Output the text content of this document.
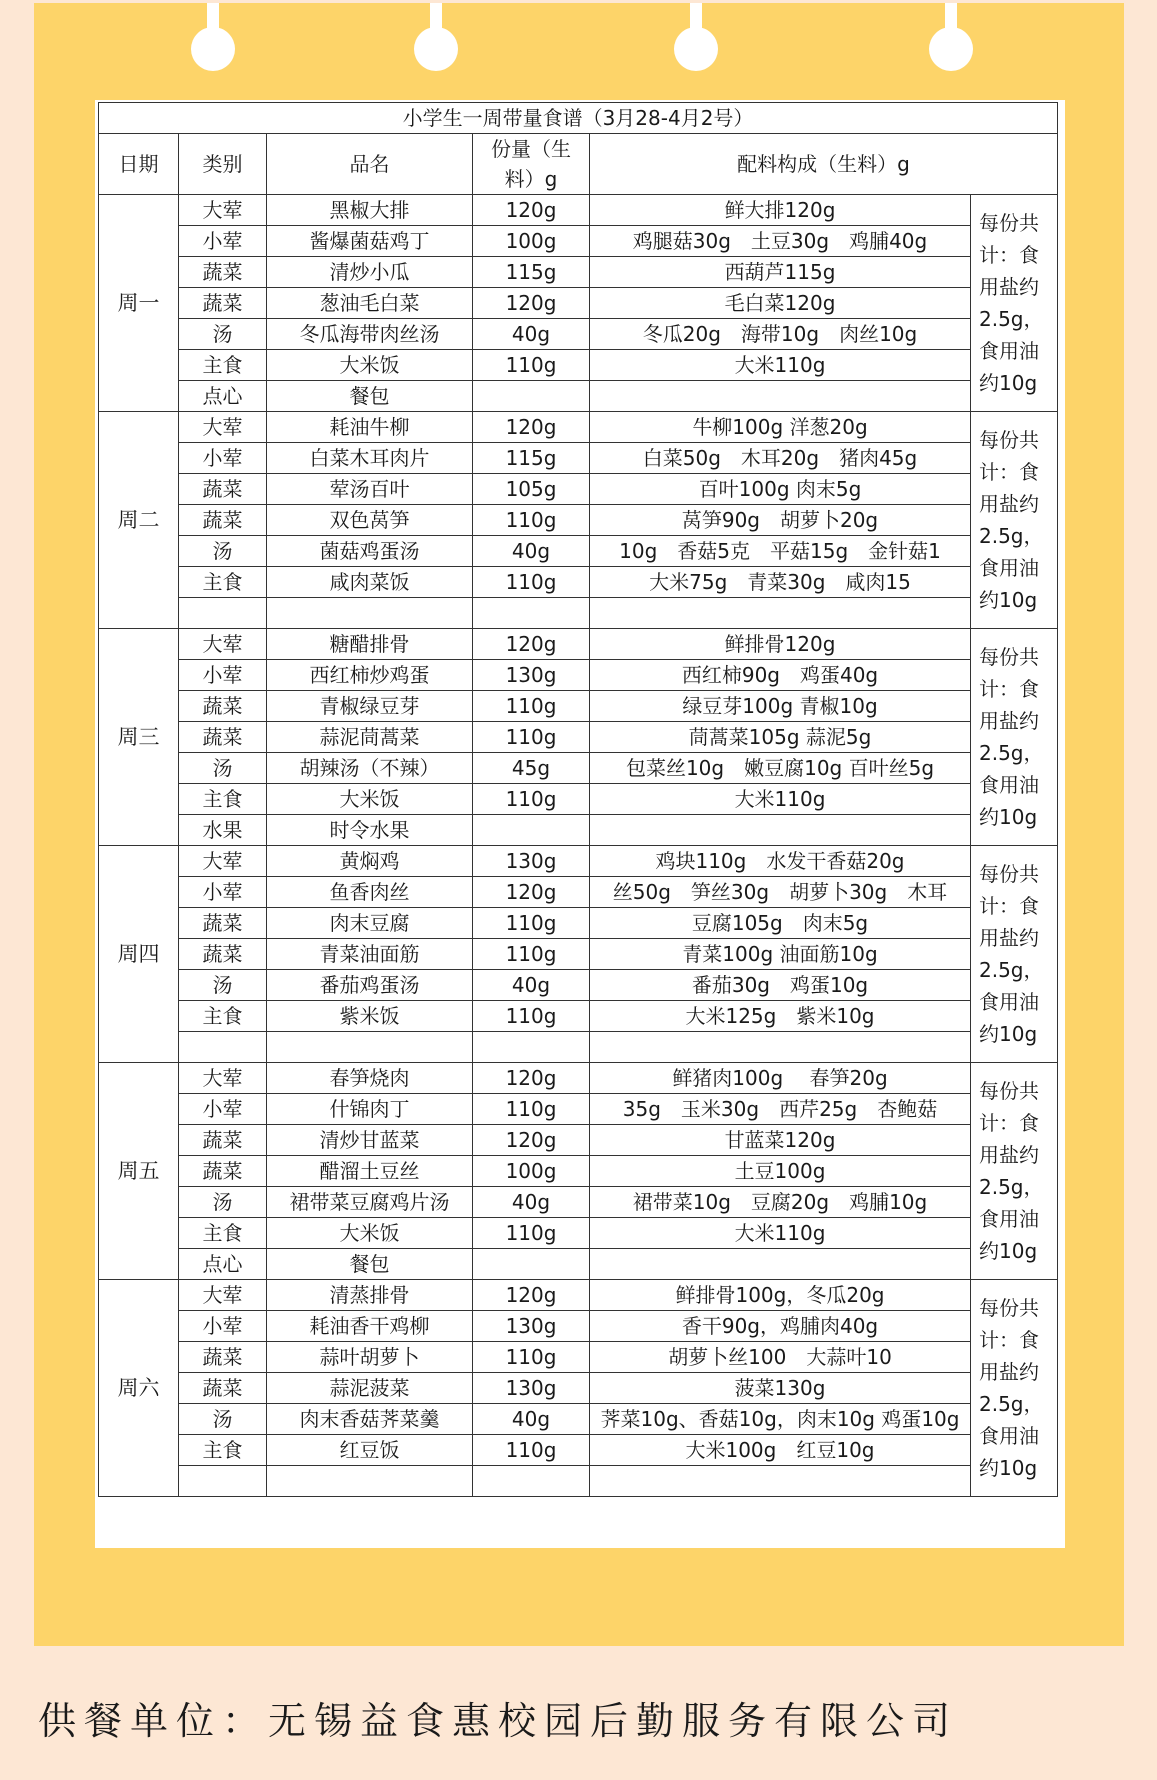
小学生一周带量食谱（3月28-4月2号）					
日期	类别	品名	份量（生料）g	配料构成（生料）g	
周一	大荤	黑椒大排	120g	鲜大排120g	每份共计：食用盐约2.5g，食用油约10g
	小荤	酱爆菌菇鸡丁	100g	鸡腿菇30g　土豆30g　鸡脯40g	
	蔬菜	清炒小瓜	115g	西葫芦115g	
	蔬菜	葱油毛白菜	120g	毛白菜120g	
	汤	冬瓜海带肉丝汤	40g	冬瓜20g　海带10g　肉丝10g	
	主食	大米饭	110g	大米110g	
	点心	餐包			
周二	大荤	耗油牛柳	120g	牛柳100g 洋葱20g	每份共计：食用盐约2.5g，食用油约10g
	小荤	白菜木耳肉片	115g	白菜50g　木耳20g　猪肉45g	
	蔬菜	荤汤百叶	105g	百叶100g 肉末5g	
	蔬菜	双色莴笋	110g	莴笋90g　胡萝卜20g	
	汤	菌菇鸡蛋汤	40g	10g　香菇5克　平菇15g　金针菇1	
	主食	咸肉菜饭	110g	大米75g　青菜30g　咸肉15	

周三	大荤	糖醋排骨	120g	鲜排骨120g	每份共计：食用盐约2.5g，食用油约10g
	小荤	西红柿炒鸡蛋	130g	西红柿90g　鸡蛋40g	
	蔬菜	青椒绿豆芽	110g	绿豆芽100g 青椒10g	
	蔬菜	蒜泥茼蒿菜	110g	茼蒿菜105g 蒜泥5g	
	汤	胡辣汤（不辣）	45g	包菜丝10g　嫩豆腐10g 百叶丝5g	
	主食	大米饭	110g	大米110g	
	水果	时令水果			
周四	大荤	黄焖鸡	130g	鸡块110g　水发干香菇20g	每份共计：食用盐约2.5g，食用油约10g
	小荤	鱼香肉丝	120g	丝50g　笋丝30g　胡萝卜30g　木耳	
	蔬菜	肉末豆腐	110g	豆腐105g　肉末5g	
	蔬菜	青菜油面筋	110g	青菜100g 油面筋10g	
	汤	番茄鸡蛋汤	40g	番茄30g　鸡蛋10g	
	主食	紫米饭	110g	大米125g　紫米10g	

周五	大荤	春笋烧肉	120g	鲜猪肉100g　 春笋20g	每份共计：食用盐约2.5g，食用油约10g
	小荤	什锦肉丁	110g	35g　玉米30g　西芹25g　杏鲍菇	
	蔬菜	清炒甘蓝菜	120g	甘蓝菜120g	
	蔬菜	醋溜土豆丝	100g	土豆100g	
	汤	裙带菜豆腐鸡片汤	40g	裙带菜10g　豆腐20g　鸡脯10g	
	主食	大米饭	110g	大米110g	
	点心	餐包			
周六	大荤	清蒸排骨	120g	鲜排骨100g，冬瓜20g	每份共计：食用盐约2.5g，食用油约10g
	小荤	耗油香干鸡柳	130g	香干90g，鸡脯肉40g	
	蔬菜	蒜叶胡萝卜	110g	胡萝卜丝100　大蒜叶10	
	蔬菜	蒜泥菠菜	130g	菠菜130g	
	汤	肉末香菇荠菜羹	40g	荠菜10g、香菇10g，肉末10g 鸡蛋10g	
	主食	红豆饭	110g	大米100g　红豆10g	

供餐单位：无锡益食惠校园后勤服务有限公司
